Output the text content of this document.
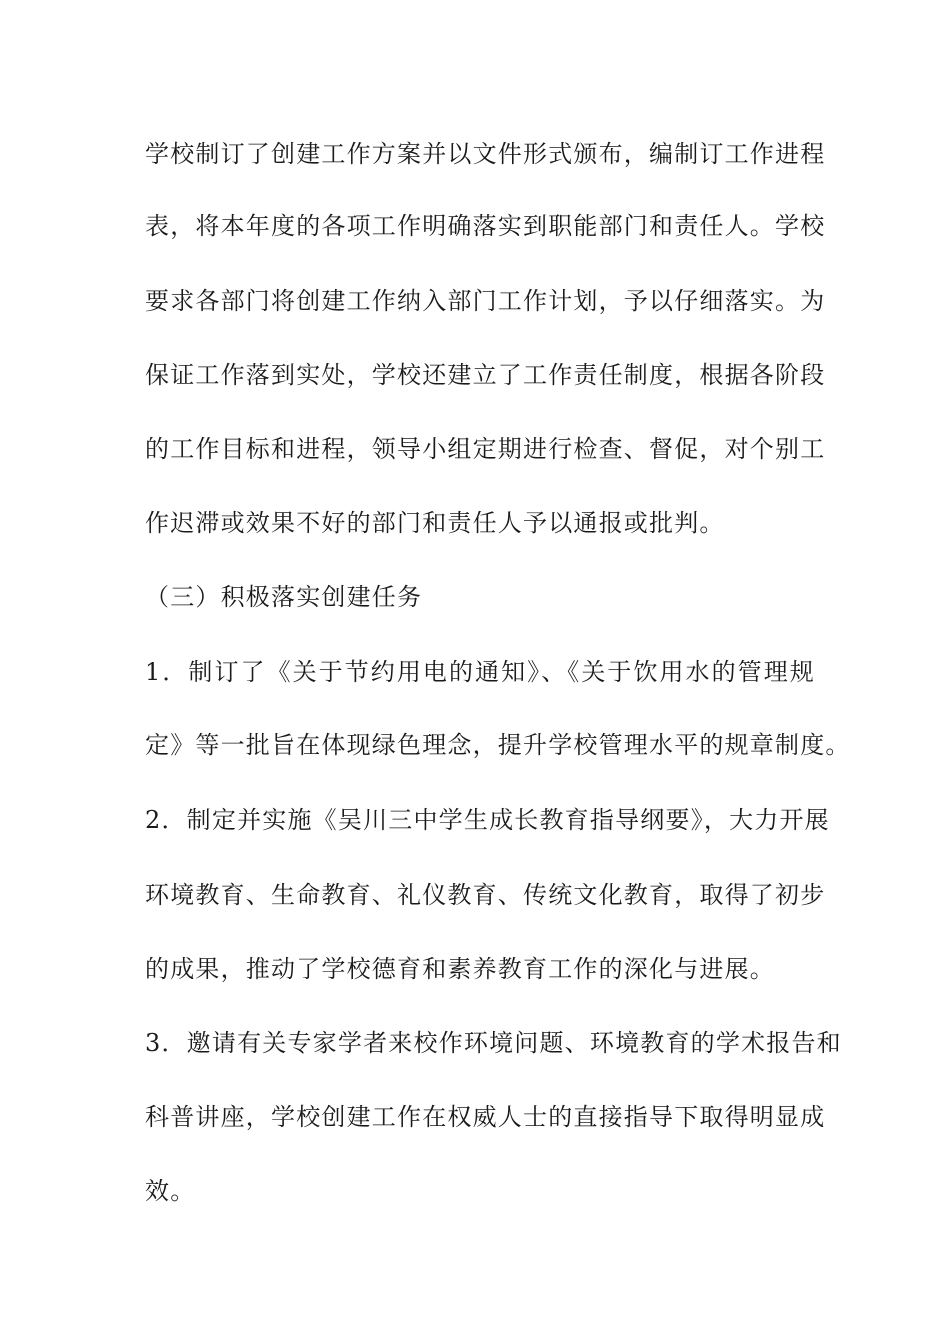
学校制订了创建工作方案并以文件形式颁布，编制订工作进程
表，将本年度的各项工作明确落实到职能部门和责任人。学校
要求各部门将创建工作纳入部门工作计划，予以仔细落实。为
保证工作落到实处，学校还建立了工作责任制度，根据各阶段
的工作目标和进程，领导小组定期进行检查、督促，对个别工
作迟滞或效果不好的部门和责任人予以通报或批判。
（三）积极落实创建任务
1．制订了《关于节约用电的通知》、《关于饮用水的管理规
定》等一批旨在体现绿色理念，提升学校管理水平的规章制度。
2．制定并实施《吴川三中学生成长教育指导纲要》，大力开展
环境教育、生命教育、礼仪教育、传统文化教育，取得了初步
的成果，推动了学校德育和素养教育工作的深化与进展。
3．邀请有关专家学者来校作环境问题、环境教育的学术报告和
科普讲座，学校创建工作在权威人士的直接指导下取得明显成
效。
